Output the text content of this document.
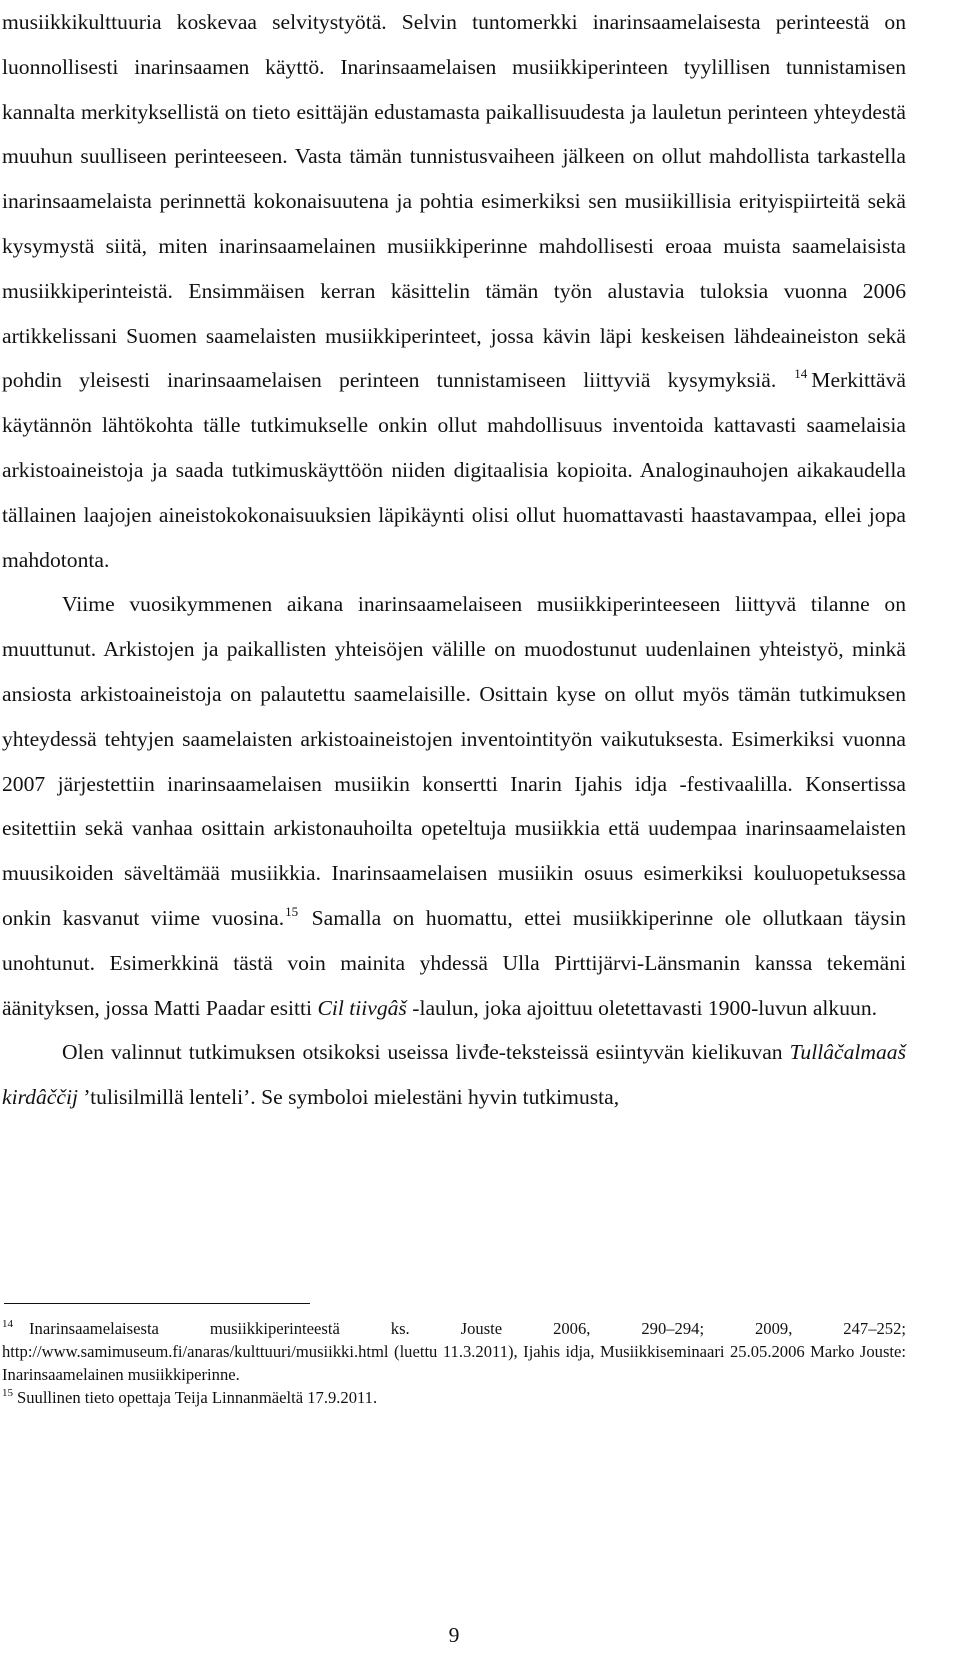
musiikkikulttuuria koskevaa selvitystyötä. Selvin tuntomerkki inarinsaamelaisesta perinteestä on luonnollisesti inarinsaamen käyttö. Inarinsaamelaisen musiikkiperinteen tyylillisen tunnistamisen kannalta merkityksellistä on tieto esittäjän edustamasta paikallisuudesta ja lauletun perinteen yhteydestä muuhun suulliseen perinteeseen. Vasta tämän tunnistusvaiheen jälkeen on ollut mahdollista tarkastella inarinsaamelaista perinnettä kokonaisuutena ja pohtia esimerkiksi sen musiikillisia erityispiirteitä sekä kysymystä siitä, miten inarinsaamelainen musiikkiperinne mahdollisesti eroaa muista saamelaisista musiikkiperinteistä. Ensimmäisen kerran käsittelin tämän työn alustavia tuloksia vuonna 2006 artikkelissani Suomen saamelaisten musiikkiperinteet, jossa kävin läpi keskeisen lähdeaineiston sekä pohdin yleisesti inarinsaamelaisen perinteen tunnistamiseen liittyviä kysymyksiä. $^{14}$ Merkittävä käytännön lähtökohta tälle tutkimukselle onkin ollut mahdollisuus inventoida kattavasti saamelaisia arkistoaineistoja ja saada tutkimuskäyttöön niiden digitaalisia kopioita. Analoginauhojen aikakaudella tällainen laajojen aineistokokonaisuuksien läpikäynti olisi ollut huomattavasti haastavampaa, ellei jopa mahdotonta.

Viime vuosikymmenen aikana inarinsaamelaiseen musiikkiperinteeseen liittyvä tilanne on muuttunut. Arkistojen ja paikallisten yhteisöjen välille on muodostunut uudenlainen yhteistyö, minkä ansiosta arkistoaineistoja on palautettu saamelaisille. Osittain kyse on ollut myös tämän tutkimuksen yhteydessä tehtyjen saamelaisten arkistoaineistojen inventointityön vaikutuksesta. Esimerkiksi vuonna 2007 järjestettiin inarinsaamelaisen musiikin konsertti Inarin Ijahis idja -festivaalilla. Konsertissa esitettiin sekä vanhaa osittain arkistonauhoilta opeteltuja musiikkia että uudempaa inarinsaamelaisten muusikoiden säveltämää musiikkia. Inarinsaamelaisen musiikin osuus esimerkiksi kouluopetuksessa onkin kasvanut viime vuosina.$^{15}$ Samalla on huomattu, ettei musiikkiperinne ole ollutkaan täysin unohtunut. Esimerkkinä tästä voin mainita yhdessä Ulla Pirttijärvi-Länsmanin kanssa tekemäni äänityksen, jossa Matti Paadar esitti Cil tiivgâš -laulun, joka ajoittuu oletettavasti 1900-luvun alkuun.

Olen valinnut tutkimuksen otsikoksi useissa livđe-teksteissä esiintyvän kielikuvan Tullâčalmaaš kirdâččij ’tulisilmillä lenteli’. Se symboloi mielestäni hyvin tutkimusta,

$^{14}$ Inarinsaamelaisesta musiikkiperinteestä ks. Jouste 2006, 290–294; 2009, 247–252; http://www.samimuseum.fi/anaras/kulttuuri/musiikki.html (luettu 11.3.2011), Ijahis idja, Musiikkiseminaari 25.05.2006 Marko Jouste: Inarinsaamelainen musiikkiperinne.

$^{15}$ Suullinen tieto opettaja Teija Linnanmäeltä 17.9.2011.

9
